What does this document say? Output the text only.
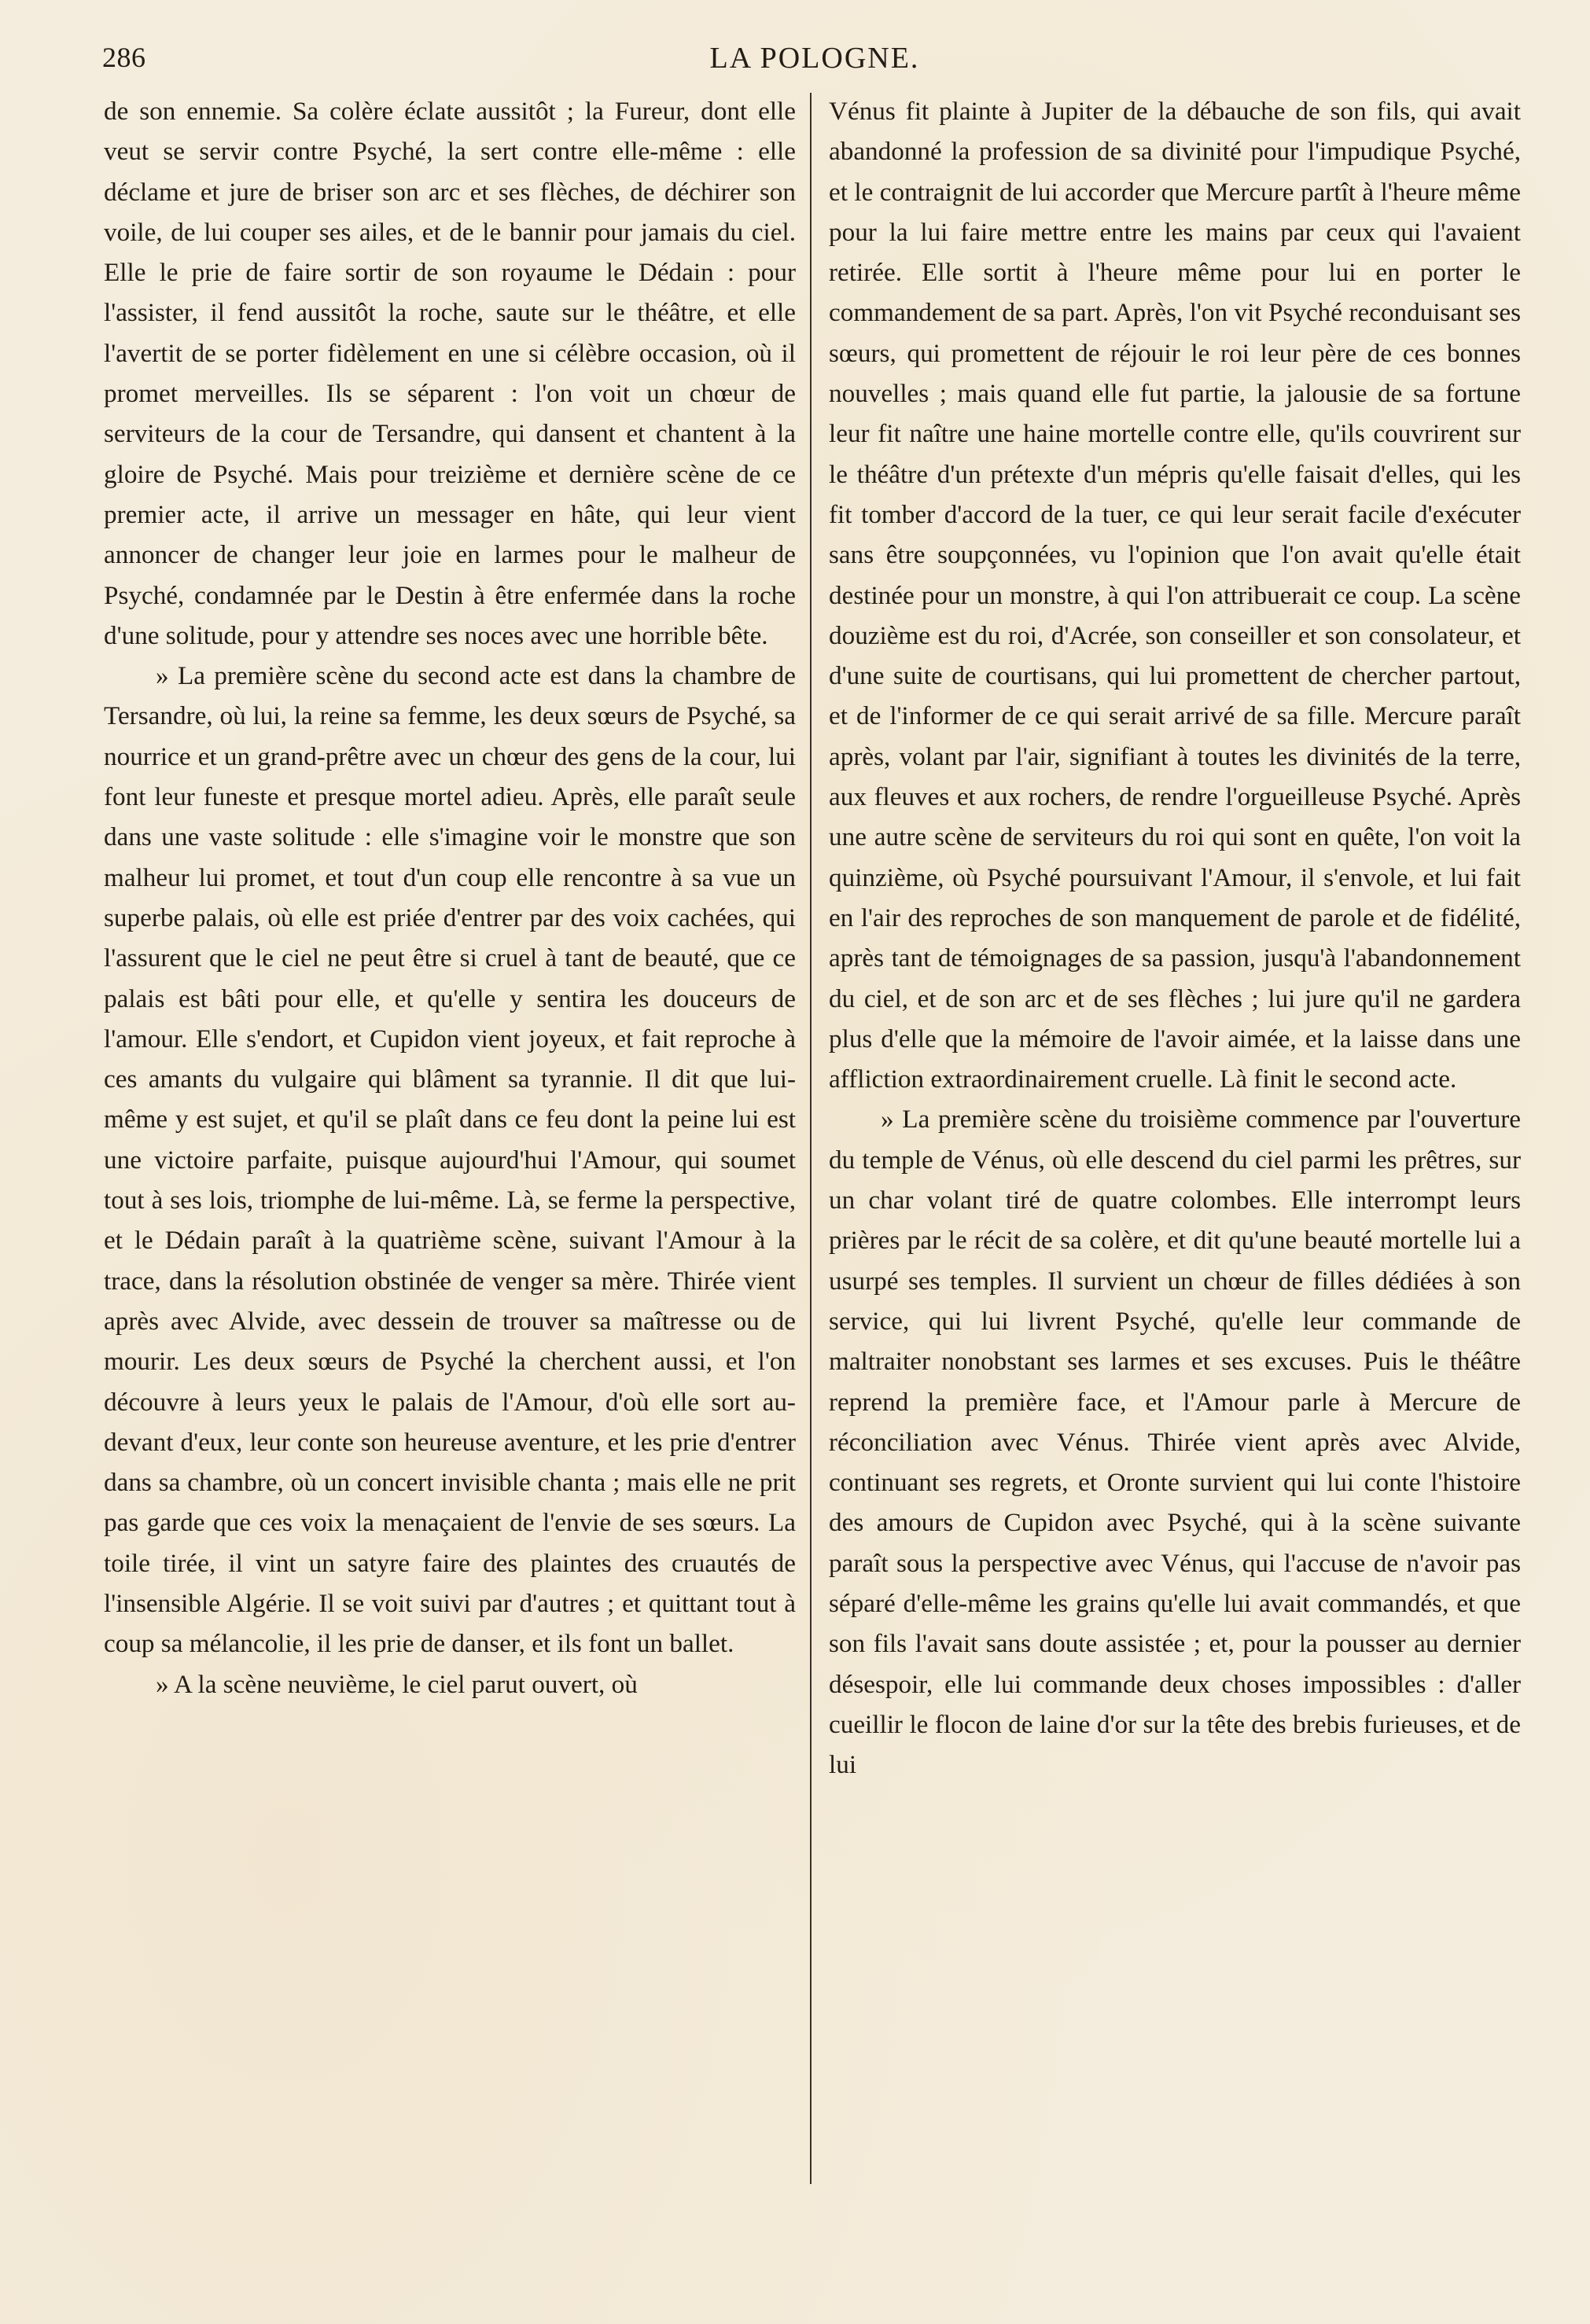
286	LA POLOGNE.

de son ennemie. Sa colère éclate aussitôt ; la Fureur, dont elle veut se servir contre Psyché, la sert contre elle-même : elle déclame et jure de briser son arc et ses flèches, de déchirer son voile, de lui couper ses ailes, et de le bannir pour jamais du ciel. Elle le prie de faire sortir de son royaume le Dédain : pour l'assister, il fend aussitôt la roche, saute sur le théâtre, et elle l'avertit de se porter fidèlement en une si célèbre occasion, où il promet merveilles. Ils se séparent : l'on voit un chœur de serviteurs de la cour de Tersandre, qui dansent et chantent à la gloire de Psyché. Mais pour treizième et dernière scène de ce premier acte, il arrive un messager en hâte, qui leur vient annoncer de changer leur joie en larmes pour le malheur de Psyché, condamnée par le Destin à être enfermée dans la roche d'une solitude, pour y attendre ses noces avec une horrible bête.

» La première scène du second acte est dans la chambre de Tersandre, où lui, la reine sa femme, les deux sœurs de Psyché, sa nourrice et un grand-prêtre avec un chœur des gens de la cour, lui font leur funeste et presque mortel adieu. Après, elle paraît seule dans une vaste solitude : elle s'imagine voir le monstre que son malheur lui promet, et tout d'un coup elle rencontre à sa vue un superbe palais, où elle est priée d'entrer par des voix cachées, qui l'assurent que le ciel ne peut être si cruel à tant de beauté, que ce palais est bâti pour elle, et qu'elle y sentira les douceurs de l'amour. Elle s'endort, et Cupidon vient joyeux, et fait reproche à ces amants du vulgaire qui blâment sa tyrannie. Il dit que lui-même y est sujet, et qu'il se plaît dans ce feu dont la peine lui est une victoire parfaite, puisque aujourd'hui l'Amour, qui soumet tout à ses lois, triomphe de lui-même. Là, se ferme la perspective, et le Dédain paraît à la quatrième scène, suivant l'Amour à la trace, dans la résolution obstinée de venger sa mère. Thirée vient après avec Alvide, avec dessein de trouver sa maîtresse ou de mourir. Les deux sœurs de Psyché la cherchent aussi, et l'on découvre à leurs yeux le palais de l'Amour, d'où elle sort au-devant d'eux, leur conte son heureuse aventure, et les prie d'entrer dans sa chambre, où un concert invisible chanta ; mais elle ne prit pas garde que ces voix la menaçaient de l'envie de ses sœurs. La toile tirée, il vint un satyre faire des plaintes des cruautés de l'insensible Algérie. Il se voit suivi par d'autres ; et quittant tout à coup sa mélancolie, il les prie de danser, et ils font un ballet.

» A la scène neuvième, le ciel parut ouvert, où

Vénus fit plainte à Jupiter de la débauche de son fils, qui avait abandonné la profession de sa divinité pour l'impudique Psyché, et le contraignit de lui accorder que Mercure partît à l'heure même pour la lui faire mettre entre les mains par ceux qui l'avaient retirée. Elle sortit à l'heure même pour lui en porter le commandement de sa part. Après, l'on vit Psyché reconduisant ses sœurs, qui promettent de réjouir le roi leur père de ces bonnes nouvelles ; mais quand elle fut partie, la jalousie de sa fortune leur fit naître une haine mortelle contre elle, qu'ils couvrirent sur le théâtre d'un prétexte d'un mépris qu'elle faisait d'elles, qui les fit tomber d'accord de la tuer, ce qui leur serait facile d'exécuter sans être soupçonnées, vu l'opinion que l'on avait qu'elle était destinée pour un monstre, à qui l'on attribuerait ce coup. La scène douzième est du roi, d'Acrée, son conseiller et son consolateur, et d'une suite de courtisans, qui lui promettent de chercher partout, et de l'informer de ce qui serait arrivé de sa fille. Mercure paraît après, volant par l'air, signifiant à toutes les divinités de la terre, aux fleuves et aux rochers, de rendre l'orgueilleuse Psyché. Après une autre scène de serviteurs du roi qui sont en quête, l'on voit la quinzième, où Psyché poursuivant l'Amour, il s'envole, et lui fait en l'air des reproches de son manquement de parole et de fidélité, après tant de témoignages de sa passion, jusqu'à l'abandonnement du ciel, et de son arc et de ses flèches ; lui jure qu'il ne gardera plus d'elle que la mémoire de l'avoir aimée, et la laisse dans une affliction extraordinairement cruelle. Là finit le second acte.

» La première scène du troisième commence par l'ouverture du temple de Vénus, où elle descend du ciel parmi les prêtres, sur un char volant tiré de quatre colombes. Elle interrompt leurs prières par le récit de sa colère, et dit qu'une beauté mortelle lui a usurpé ses temples. Il survient un chœur de filles dédiées à son service, qui lui livrent Psyché, qu'elle leur commande de maltraiter nonobstant ses larmes et ses excuses. Puis le théâtre reprend la première face, et l'Amour parle à Mercure de réconciliation avec Vénus. Thirée vient après avec Alvide, continuant ses regrets, et Oronte survient qui lui conte l'histoire des amours de Cupidon avec Psyché, qui à la scène suivante paraît sous la perspective avec Vénus, qui l'accuse de n'avoir pas séparé d'elle-même les grains qu'elle lui avait commandés, et que son fils l'avait sans doute assistée ; et, pour la pousser au dernier désespoir, elle lui commande deux choses impossibles : d'aller cueillir le flocon de laine d'or sur la tête des brebis furieuses, et de lui
